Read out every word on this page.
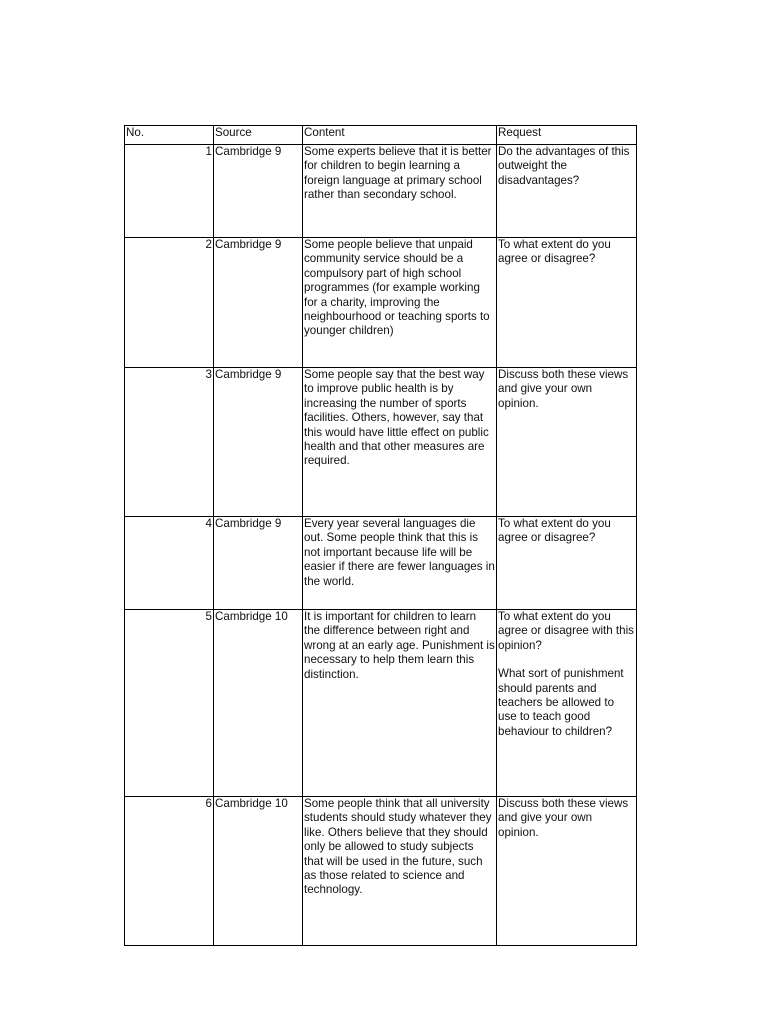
No.	Source	Content	Request
1	Cambridge 9	Some experts believe that it is better for children to begin learning a foreign language at primary school rather than secondary school.	Do the advantages of this outweight the disadvantages?

2	Cambridge 9	Some people believe that unpaid community service should be a compulsory part of high school programmes (for example working for a charity, improving the neighbourhood or teaching sports to younger children)	To what extent do you agree or disagree?

3	Cambridge 9	Some people say that the best way to improve public health is by increasing the number of sports facilities. Others, however, say that this would have little effect on public health and that other measures are required.	Discuss both these views and give your own opinion.

4	Cambridge 9	Every year several languages die out. Some people think that this is not important because life will be easier if there are fewer languages in the world.	To what extent do you agree or disagree?

5	Cambridge 10	It is important for children to learn the difference between right and wrong at an early age. Punishment is necessary to help them learn this distinction.	To what extent do you agree or disagree with this opinion?
What sort of punishment should parents and teachers be allowed to use to teach good behaviour to children?

6	Cambridge 10	Some people think that all university students should study whatever they like. Others believe that they should only be allowed to study subjects that will be used in the future, such as those related to science and technology.	Discuss both these views and give your own opinion.
